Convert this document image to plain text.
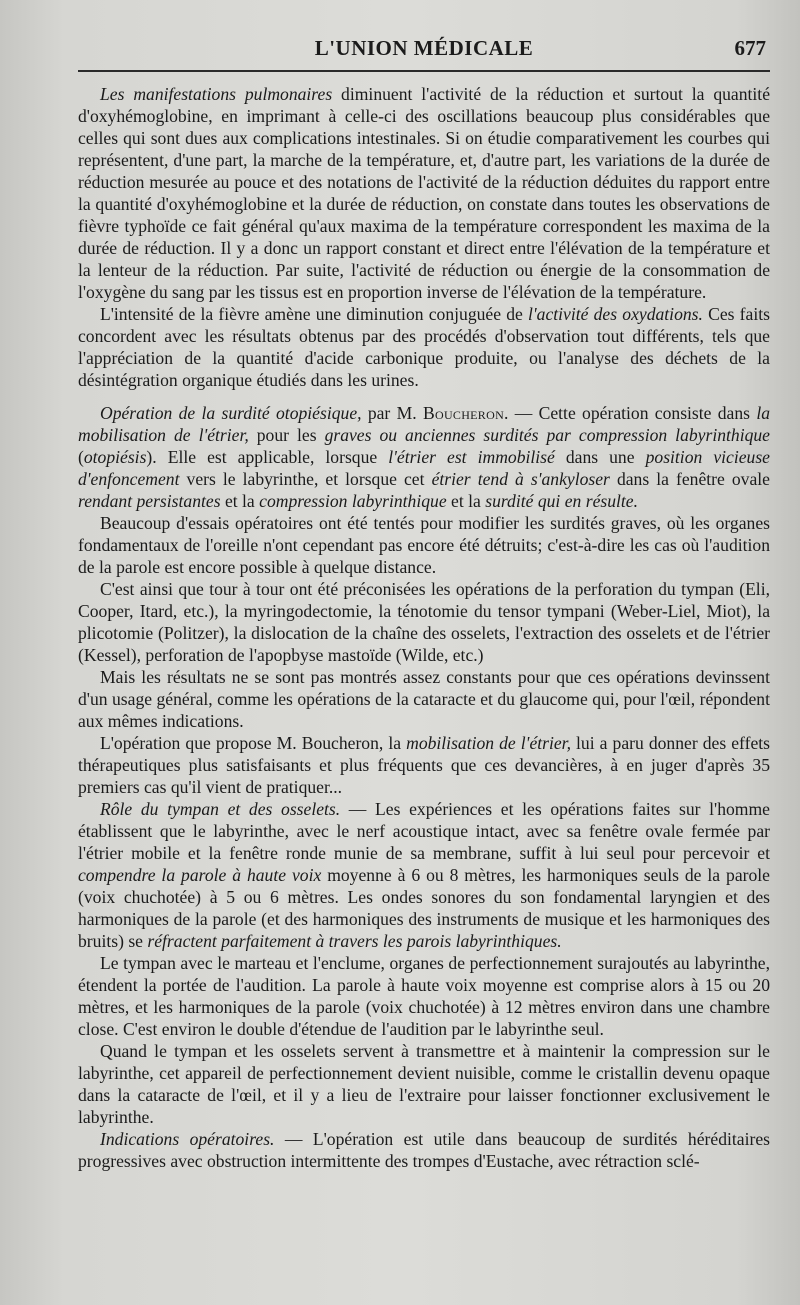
L'UNION MÉDICALE	677

Les manifestations pulmonaires diminuent l'activité de la réduction et surtout la quantité d'oxyhémoglobine, en imprimant à celle-ci des oscillations beaucoup plus considérables que celles qui sont dues aux complications intestinales. Si on étudie comparativement les courbes qui représentent, d'une part, la marche de la température, et, d'autre part, les variations de la durée de réduction mesurée au pouce et des notations de l'activité de la réduction déduites du rapport entre la quantité d'oxyhémoglobine et la durée de réduction, on constate dans toutes les observations de fièvre typhoïde ce fait général qu'aux maxima de la température correspondent les maxima de la durée de réduction. Il y a donc un rapport constant et direct entre l'élévation de la température et la lenteur de la réduction. Par suite, l'activité de réduction ou énergie de la consommation de l'oxygène du sang par les tissus est en proportion inverse de l'élévation de la température.

L'intensité de la fièvre amène une diminution conjuguée de l'activité des oxydations. Ces faits concordent avec les résultats obtenus par des procédés d'observation tout différents, tels que l'appréciation de la quantité d'acide carbonique produite, ou l'analyse des déchets de la désintégration organique étudiés dans les urines.

Opération de la surdité otopiésique, par M. Boucheron. — Cette opération consiste dans la mobilisation de l'étrier, pour les graves ou anciennes surdités par compression labyrinthique (otopiésis). Elle est applicable, lorsque l'étrier est immobilisé dans une position vicieuse d'enfoncement vers le labyrinthe, et lorsque cet étrier tend à s'ankyloser dans la fenêtre ovale rendant persistantes et la compression labyrinthique et la surdité qui en résulte.

Beaucoup d'essais opératoires ont été tentés pour modifier les surdités graves, où les organes fondamentaux de l'oreille n'ont cependant pas encore été détruits; c'est-à-dire les cas où l'audition de la parole est encore possible à quelque distance.

C'est ainsi que tour à tour ont été préconisées les opérations de la perforation du tympan (Eli, Cooper, Itard, etc.), la myringodectomie, la ténotomie du tensor tympani (Weber-Liel, Miot), la plicotomie (Politzer), la dislocation de la chaîne des osselets, l'extraction des osselets et de l'étrier (Kessel), perforation de l'apopbyse mastoïde (Wilde, etc.)

Mais les résultats ne se sont pas montrés assez constants pour que ces opérations devinssent d'un usage général, comme les opérations de la cataracte et du glaucome qui, pour l'œil, répondent aux mêmes indications.

L'opération que propose M. Boucheron, la mobilisation de l'étrier, lui a paru donner des effets thérapeutiques plus satisfaisants et plus fréquents que ces devancières, à en juger d'après 35 premiers cas qu'il vient de pratiquer...

Rôle du tympan et des osselets. — Les expériences et les opérations faites sur l'homme établissent que le labyrinthe, avec le nerf acoustique intact, avec sa fenêtre ovale fermée par l'étrier mobile et la fenêtre ronde munie de sa membrane, suffit à lui seul pour percevoir et compendre la parole à haute voix moyenne à 6 ou 8 mètres, les harmoniques seuls de la parole (voix chuchotée) à 5 ou 6 mètres. Les ondes sonores du son fondamental laryngien et des harmoniques de la parole (et des harmoniques des instruments de musique et les harmoniques des bruits) se réfractent parfaitement à travers les parois labyrinthiques.

Le tympan avec le marteau et l'enclume, organes de perfectionnement surajoutés au labyrinthe, étendent la portée de l'audition. La parole à haute voix moyenne est comprise alors à 15 ou 20 mètres, et les harmoniques de la parole (voix chuchotée) à 12 mètres environ dans une chambre close. C'est environ le double d'étendue de l'audition par le labyrinthe seul.

Quand le tympan et les osselets servent à transmettre et à maintenir la compression sur le labyrinthe, cet appareil de perfectionnement devient nuisible, comme le cristallin devenu opaque dans la cataracte de l'œil, et il y a lieu de l'extraire pour laisser fonctionner exclusivement le labyrinthe.

Indications opératoires. — L'opération est utile dans beaucoup de surdités héréditaires progressives avec obstruction intermittente des trompes d'Eustache, avec rétraction sclé-
